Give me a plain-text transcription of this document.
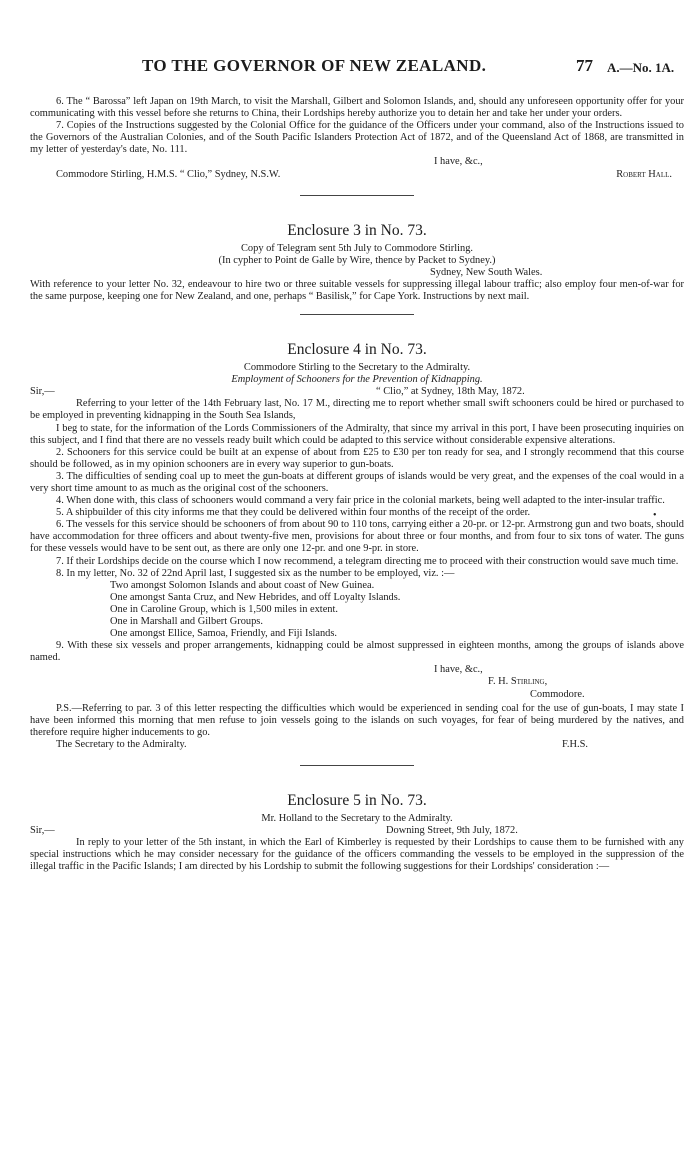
TO THE GOVERNOR OF NEW ZEALAND.	77 A.—No. 1A.
•

6. The “ Barossa” left Japan on 19th March, to visit the Marshall, Gilbert and Solomon Islands, and, should any unforeseen opportunity offer for your communicating with this vessel before she returns to China, their Lordships hereby authorize you to detain her and take her under your orders.

7. Copies of the Instructions suggested by the Colonial Office for the guidance of the Officers under your command, also of the Instructions issued to the Governors of the Australian Colonies, and of the South Pacific Islanders Protection Act of 1872, and of the Queensland Act of 1868, are transmitted in my letter of yesterday's date, No. 111.

I have, &c.,

Commodore Stirling, H.M.S. “ Clio,” Sydney, N.S.W.	Robert Hall.
Enclosure 3 in No. 73.

Copy of Telegram sent 5th July to Commodore Stirling.

(In cypher to Point de Galle by Wire, thence by Packet to Sydney.)

Sydney, New South Wales.

With reference to your letter No. 32, endeavour to hire two or three suitable vessels for suppressing illegal labour traffic; also employ four men-of-war for the same purpose, keeping one for New Zealand, and one, perhaps “ Basilisk,” for Cape York. Instructions by next mail.

Enclosure 4 in No. 73.

Commodore Stirling to the Secretary to the Admiralty.

Employment of Schooners for the Prevention of Kidnapping.

Sir,—	“ Clio,” at Sydney, 18th May, 1872.

Referring to your letter of the 14th February last, No. 17 M., directing me to report whether small swift schooners could be hired or purchased to be employed in preventing kidnapping in the South Sea Islands,

I beg to state, for the information of the Lords Commissioners of the Admiralty, that since my arrival in this port, I have been prosecuting inquiries on this subject, and I find that there are no vessels ready built which could be adapted to this service without considerable expensive alterations.

2. Schooners for this service could be built at an expense of about from £25 to £30 per ton ready for sea, and I strongly recommend that this course should be followed, as in my opinion schooners are in every way superior to gun-boats.

3. The difficulties of sending coal up to meet the gun-boats at different groups of islands would be very great, and the expenses of the coal would in a very short time amount to as much as the original cost of the schooners.

4. When done with, this class of schooners would command a very fair price in the colonial markets, being well adapted to the inter-insular traffic.

5. A shipbuilder of this city informs me that they could be delivered within four months of the receipt of the order.

6. The vessels for this service should be schooners of from about 90 to 110 tons, carrying either a 20-pr. or 12-pr. Armstrong gun and two boats, should have accommodation for three officers and about twenty-five men, provisions for about three or four months, and from four to six tons of water. The guns for these vessels would have to be sent out, as there are only one 12-pr. and one 9-pr. in store.

7. If their Lordships decide on the course which I now recommend, a telegram directing me to proceed with their construction would save much time.

8. In my letter, No. 32 of 22nd April last, I suggested six as the number to be employed, viz. :—

Two amongst Solomon Islands and about coast of New Guinea.

One amongst Santa Cruz, and New Hebrides, and off Loyalty Islands.

One in Caroline Group, which is 1,500 miles in extent.

One in Marshall and Gilbert Groups.

One amongst Ellice, Samoa, Friendly, and Fiji Islands.

9. With these six vessels and proper arrangements, kidnapping could be almost suppressed in eighteen months, among the groups of islands above named.

I have, &c.,

F. H. Stirling,

Commodore.

P.S.—Referring to par. 3 of this letter respecting the difficulties which would be experienced in sending coal for the use of gun-boats, I may state I have been informed this morning that men refuse to join vessels going to the islands on such voyages, for fear of being murdered by the natives, and therefore require higher inducements to go.

The Secretary to the Admiralty.	F.H.S.
Enclosure 5 in No. 73.

Mr. Holland to the Secretary to the Admiralty.

Sir,—	Downing Street, 9th July, 1872.

In reply to your letter of the 5th instant, in which the Earl of Kimberley is requested by their Lordships to cause them to be furnished with any special instructions which he may consider necessary for the guidance of the officers commanding the vessels to be employed in the suppression of the illegal traffic in the Pacific Islands; I am directed by his Lordship to submit the following suggestions for their Lordships' consideration :—
